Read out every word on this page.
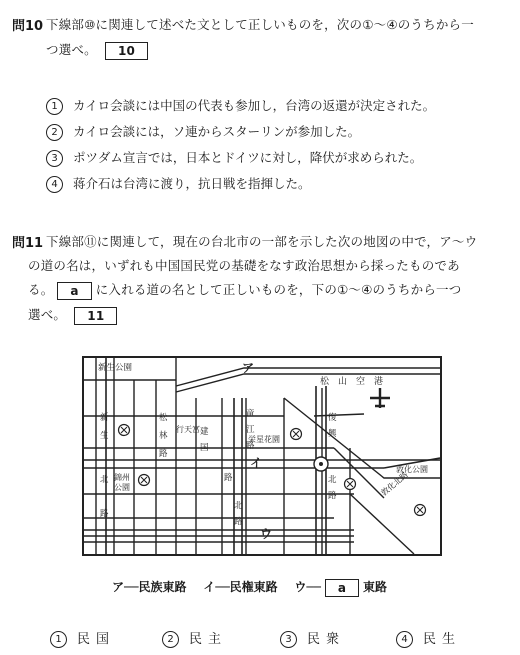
問10 下線部⑩に関連して述べた文として正しいものを，次の①〜④のうちから一
つ選べ。 10
1 カイロ会談には中国の代表も参加し，台湾の返還が決定された。
2 カイロ会談には，ソ連からスターリンが参加した。
3 ポツダム宣言では，日本とドイツに対し，降伏が求められた。
4 蒋介石は台湾に渡り，抗日戦を指揮した。
問11 下線部⑪に関連して，現在の台北市の一部を示した次の地図の中で，ア〜ウ
の道の名は，いずれも中国国民党の基礎をなす政治思想から採ったものであ
る。 a に入れる道の名として正しいものを，下の①〜④のうちから一つ
選べ。 11
新生公園
松　山　空　港
新
生
松
林
路
建
国
路
竜
江
路
復
興
北
路
行天宮
栄星花園
錦州
公園
北
路
北
路
敦化公園
敦化北路
ア
イ
ウ
ア──民族東路 イ──民権東路 ウ── a 東路
1 民国	2 民主	3 民衆	4 民生
